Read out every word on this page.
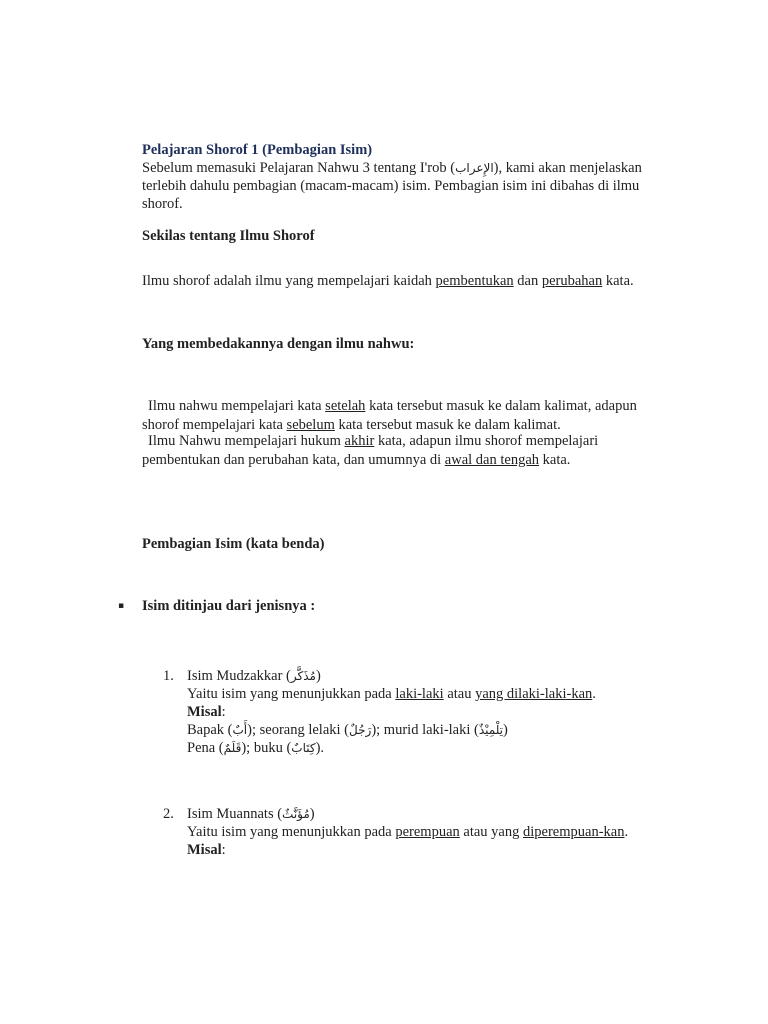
Pelajaran Shorof 1 (Pembagian Isim)

Sebelum memasuki Pelajaran Nahwu 3 tentang I'rob (الإِعراب), kami akan menjelaskan terlebih dahulu pembagian (macam-macam) isim. Pembagian isim ini dibahas di ilmu shorof.

Sekilas tentang Ilmu Shorof

Ilmu shorof adalah ilmu yang mempelajari kaidah pembentukan dan perubahan kata.

Yang membedakannya dengan ilmu nahwu:

Ilmu nahwu mempelajari kata setelah kata tersebut masuk ke dalam kalimat, adapun shorof mempelajari kata sebelum kata tersebut masuk ke dalam kalimat.

Ilmu Nahwu mempelajari hukum akhir kata, adapun ilmu shorof mempelajari pembentukan dan perubahan kata, dan umumnya di awal dan tengah kata.

Pembagian Isim (kata benda)

▪ Isim ditinjau dari jenisnya :

1. Isim Mudzakkar (مُذَكَّر)

Yaitu isim yang menunjukkan pada laki-laki atau yang dilaki-laki-kan.

Misal:

Bapak (أَبٌ); seorang lelaki (رَجُلٌ); murid laki-laki (تِلْمِيْذٌ)

Pena (قَلَمٌ); buku (كِتَابٌ).

2. Isim Muannats (مُؤَنَّثٌ)

Yaitu isim yang menunjukkan pada perempuan atau yang diperempuan-kan.

Misal:
